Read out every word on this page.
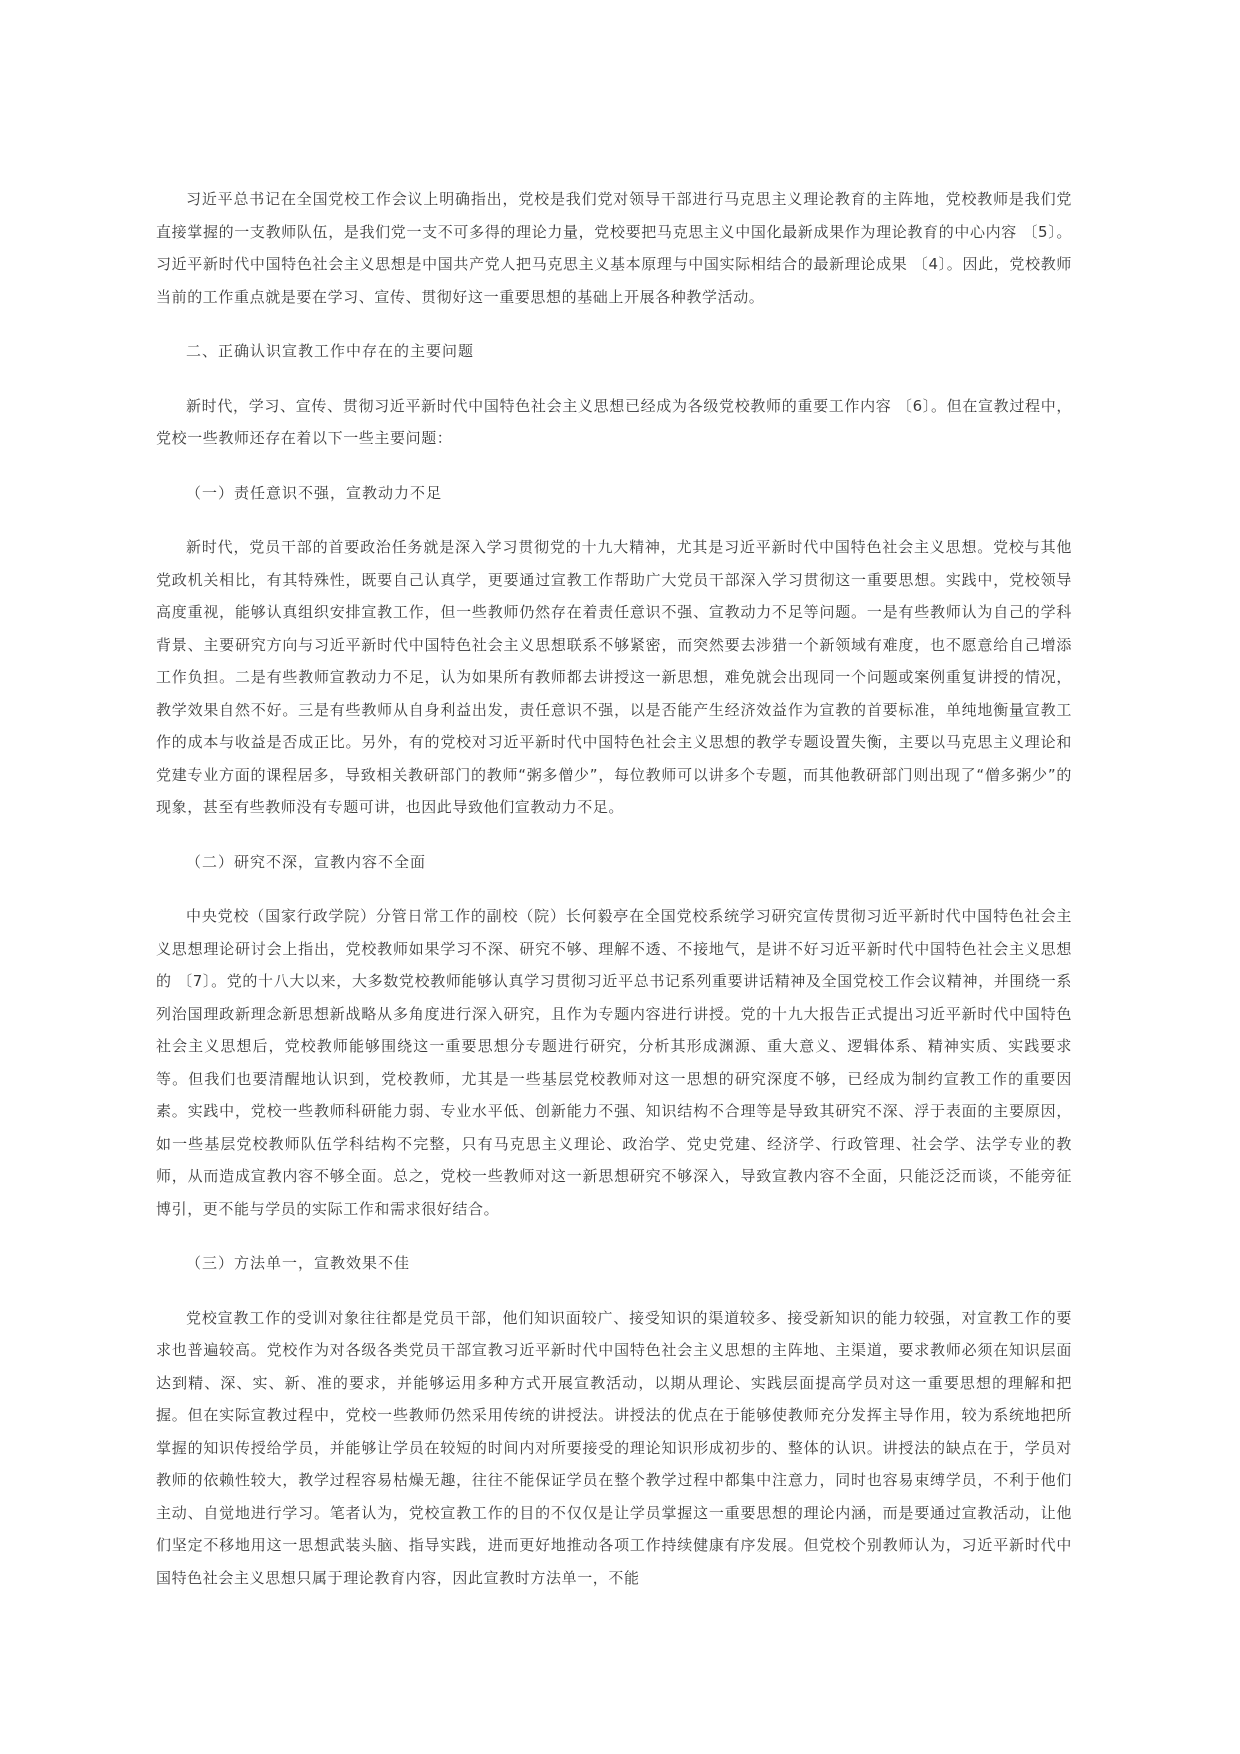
习近平总书记在全国党校工作会议上明确指出，党校是我们党对领导干部进行马克思主义理论教育的主阵地，党校教师是我们党直接掌握的一支教师队伍，是我们党一支不可多得的理论力量，党校要把马克思主义中国化最新成果作为理论教育的中心内容 〔5〕。习近平新时代中国特色社会主义思想是中国共产党人把马克思主义基本原理与中国实际相结合的最新理论成果 〔4〕。因此，党校教师当前的工作重点就是要在学习、宣传、贯彻好这一重要思想的基础上开展各种教学活动。

二、正确认识宣教工作中存在的主要问题

新时代，学习、宣传、贯彻习近平新时代中国特色社会主义思想已经成为各级党校教师的重要工作内容 〔6〕。但在宣教过程中，党校一些教师还存在着以下一些主要问题：

（一）责任意识不强，宣教动力不足

新时代，党员干部的首要政治任务就是深入学习贯彻党的十九大精神，尤其是习近平新时代中国特色社会主义思想。党校与其他党政机关相比，有其特殊性，既要自己认真学，更要通过宣教工作帮助广大党员干部深入学习贯彻这一重要思想。实践中，党校领导高度重视，能够认真组织安排宣教工作，但一些教师仍然存在着责任意识不强、宣教动力不足等问题。一是有些教师认为自己的学科背景、主要研究方向与习近平新时代中国特色社会主义思想联系不够紧密，而突然要去涉猎一个新领域有难度，也不愿意给自己增添工作负担。二是有些教师宣教动力不足，认为如果所有教师都去讲授这一新思想，难免就会出现同一个问题或案例重复讲授的情况，教学效果自然不好。三是有些教师从自身利益出发，责任意识不强，以是否能产生经济效益作为宣教的首要标准，单纯地衡量宣教工作的成本与收益是否成正比。另外，有的党校对习近平新时代中国特色社会主义思想的教学专题设置失衡，主要以马克思主义理论和党建专业方面的课程居多，导致相关教研部门的教师“粥多僧少”，每位教师可以讲多个专题，而其他教研部门则出现了“僧多粥少”的现象，甚至有些教师没有专题可讲，也因此导致他们宣教动力不足。

（二）研究不深，宣教内容不全面

中央党校（国家行政学院）分管日常工作的副校（院）长何毅亭在全国党校系统学习研究宣传贯彻习近平新时代中国特色社会主义思想理论研讨会上指出，党校教师如果学习不深、研究不够、理解不透、不接地气，是讲不好习近平新时代中国特色社会主义思想的 〔7〕。党的十八大以来，大多数党校教师能够认真学习贯彻习近平总书记系列重要讲话精神及全国党校工作会议精神，并围绕一系列治国理政新理念新思想新战略从多角度进行深入研究，且作为专题内容进行讲授。党的十九大报告正式提出习近平新时代中国特色社会主义思想后，党校教师能够围绕这一重要思想分专题进行研究，分析其形成渊源、重大意义、逻辑体系、精神实质、实践要求等。但我们也要清醒地认识到，党校教师，尤其是一些基层党校教师对这一思想的研究深度不够，已经成为制约宣教工作的重要因素。实践中，党校一些教师科研能力弱、专业水平低、创新能力不强、知识结构不合理等是导致其研究不深、浮于表面的主要原因，如一些基层党校教师队伍学科结构不完整，只有马克思主义理论、政治学、党史党建、经济学、行政管理、社会学、法学专业的教师，从而造成宣教内容不够全面。总之，党校一些教师对这一新思想研究不够深入，导致宣教内容不全面，只能泛泛而谈，不能旁征博引，更不能与学员的实际工作和需求很好结合。

（三）方法单一，宣教效果不佳

党校宣教工作的受训对象往往都是党员干部，他们知识面较广、接受知识的渠道较多、接受新知识的能力较强，对宣教工作的要求也普遍较高。党校作为对各级各类党员干部宣教习近平新时代中国特色社会主义思想的主阵地、主渠道，要求教师必须在知识层面达到精、深、实、新、准的要求，并能够运用多种方式开展宣教活动，以期从理论、实践层面提高学员对这一重要思想的理解和把握。但在实际宣教过程中，党校一些教师仍然采用传统的讲授法。讲授法的优点在于能够使教师充分发挥主导作用，较为系统地把所掌握的知识传授给学员，并能够让学员在较短的时间内对所要接受的理论知识形成初步的、整体的认识。讲授法的缺点在于，学员对教师的依赖性较大，教学过程容易枯燥无趣，往往不能保证学员在整个教学过程中都集中注意力，同时也容易束缚学员，不利于他们主动、自觉地进行学习。笔者认为，党校宣教工作的目的不仅仅是让学员掌握这一重要思想的理论内涵，而是要通过宣教活动，让他们坚定不移地用这一思想武装头脑、指导实践，进而更好地推动各项工作持续健康有序发展。但党校个别教师认为，习近平新时代中国特色社会主义思想只属于理论教育内容，因此宣教时方法单一，不能
